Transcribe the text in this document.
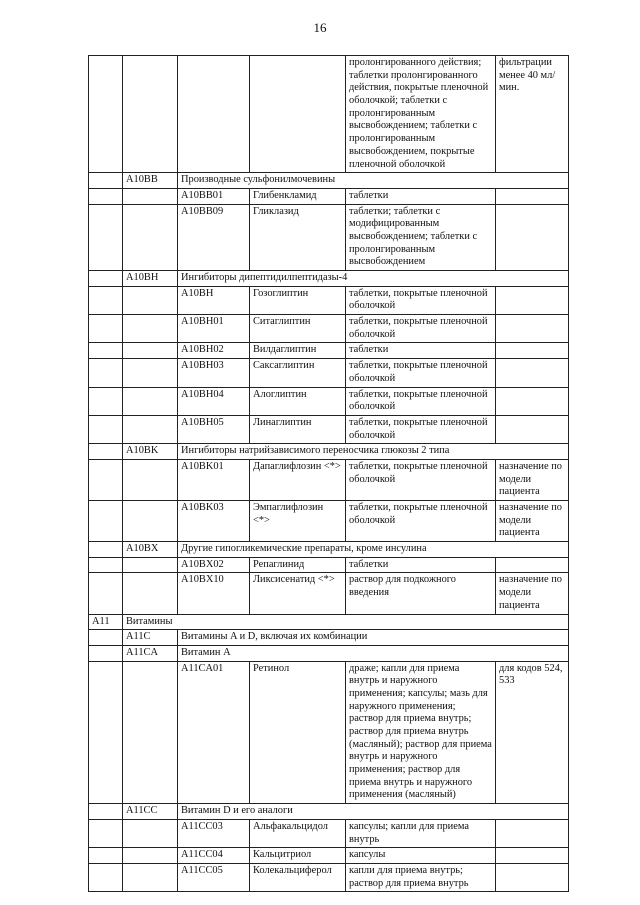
16
				пролонгированного действия; таблетки пролонгированного действия, покрытые пленочной оболочкой; таблетки с пролонгированным высвобождением; таблетки с пролонгированным высвобождением, покрытые пленочной оболочкой	фильтрации менее 40 мл/мин.
	A10BB	Производные сульфонилмочевины			
		A10BB01	Глибенкламид	таблетки	
		A10BB09	Гликлазид	таблетки; таблетки с модифицированным высвобождением; таблетки с пролонгированным высвобождением	
	A10BH	Ингибиторы дипептидилпептидазы-4			
		A10BH	Гозоглиптин	таблетки, покрытые пленочной оболочкой	
		A10BH01	Ситаглиптин	таблетки, покрытые пленочной оболочкой	
		A10BH02	Вилдаглиптин	таблетки	
		A10BH03	Саксаглиптин	таблетки, покрытые пленочной оболочкой	
		A10BH04	Алоглиптин	таблетки, покрытые пленочной оболочкой	
		A10BH05	Линаглиптин	таблетки, покрытые пленочной оболочкой	
	A10BK	Ингибиторы натрийзависимого переносчика глюкозы 2 типа			
		A10BK01	Дапаглифлозин <*>	таблетки, покрытые пленочной оболочкой	назначение по модели пациента
		A10BK03	Эмпаглифлозин <*>	таблетки, покрытые пленочной оболочкой	назначение по модели пациента
	A10BX	Другие гипогликемические препараты, кроме инсулина			
		A10BX02	Репаглинид	таблетки	
		A10BX10	Ликсисенатид <*>	раствор для подкожного введения	назначение по модели пациента
A11	Витамины				
	A11C	Витамины A и D, включая их комбинации			
	A11CA	Витамин A			
		A11CA01	Ретинол	драже; капли для приема внутрь и наружного применения; капсулы; мазь для наружного применения; раствор для приема внутрь; раствор для приема внутрь (масляный); раствор для приема внутрь и наружного применения; раствор для приема внутрь и наружного применения (масляный)	для кодов 524, 533
	A11CC	Витамин D и его аналоги			
		A11CC03	Альфакальцидол	капсулы; капли для приема внутрь	
		A11CC04	Кальцитриол	капсулы	
		A11CC05	Колекальциферол	капли для приема внутрь; раствор для приема внутрь	
